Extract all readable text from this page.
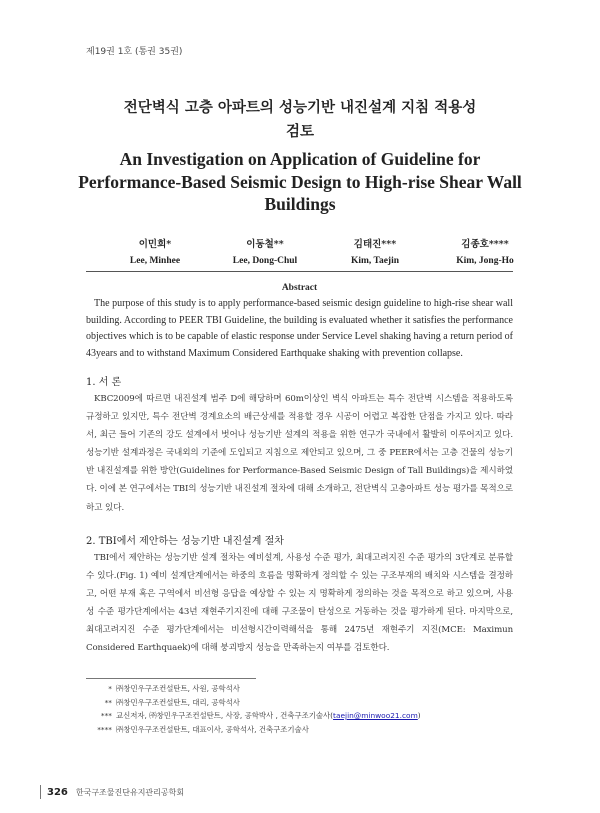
제19권 1호 (통권 35권)
전단벽식 고층 아파트의 성능기반 내진설계 지침 적용성
검토
An Investigation on Application of Guideline for
Performance-Based Seismic Design to High-rise Shear Wall
Buildings
이민희*
Lee, Minhee
이동철**
Lee, Dong-Chul
김태진***
Kim, Taejin
김종호****
Kim, Jong-Ho
Abstract
The purpose of this study is to apply performance-based seismic design guideline to high-rise shear wall building. According to PEER TBI Guideline, the building is evaluated whether it satisfies the performance objectives which is to be capable of elastic response under Service Level shaking having a return period of 43years and to withstand Maximum Considered Earthquake shaking with prevention collapse.
1. 서 론
KBC2009에 따르면 내진설계 범주 D에 해당하며 60m이상인 벽식 아파트는 특수 전단벽 시스템을 적용하도록 규정하고 있지만, 특수 전단벽 경계요소의 배근상세를 적용할 경우 시공이 어렵고 복잡한 단점을 가지고 있다. 따라서, 최근 들어 기존의 강도 설계에서 벗어나 성능기반 설계의 적용을 위한 연구가 국내에서 활발히 이루어지고 있다. 성능기반 설계과정은 국내외의 기준에 도입되고 지침으로 제안되고 있으며, 그 중 PEER에서는 고층 건물의 성능기반 내진설계를 위한 방안(Guidelines for Performance-Based Seismic Design of Tall Buildings)을 제시하였다. 이에 본 연구에서는 TBI의 성능기반 내진설계 절차에 대해 소개하고, 전단벽식 고층아파트 성능 평가를 목적으로 하고 있다.
2. TBI에서 제안하는 성능기반 내진설계 절차
TBI에서 제안하는 성능기반 설계 절차는 예비설계, 사용성 수준 평가, 최대고려지진 수준 평가의 3단계로 분류할 수 있다.(Fig. 1) 예비 설계단계에서는 하중의 흐름을 명확하게 정의할 수 있는 구조부재의 배치와 시스템을 결정하고, 어떤 부재 혹은 구역에서 비선형 응답을 예상할 수 있는 지 명확하게 정의하는 것을 목적으로 하고 있으며, 사용성 수준 평가단계에서는 43년 재현주기지진에 대해 구조물이 탄성으로 거동하는 것을 평가하게 된다. 마지막으로, 최대고려지진 수준 평가단계에서는 비선형시간이력해석을 통해 2475년 재현주기 지진(MCE: Maximun Considered Earthquaek)에 대해 붕괴방지 성능을 만족하는지 여부를 검토한다.
* ㈜창민우구조컨설탄트, 사원, 공학석사
** ㈜창민우구조컨설탄트, 대리, 공학석사
*** 교신저자, ㈜창민우구조컨설탄트, 사장, 공학박사 , 건축구조기술사(taejin@minwoo21.com)
**** ㈜창민우구조컨설탄트, 대표이사, 공학석사, 건축구조기술사
326 한국구조물진단유지관리공학회
